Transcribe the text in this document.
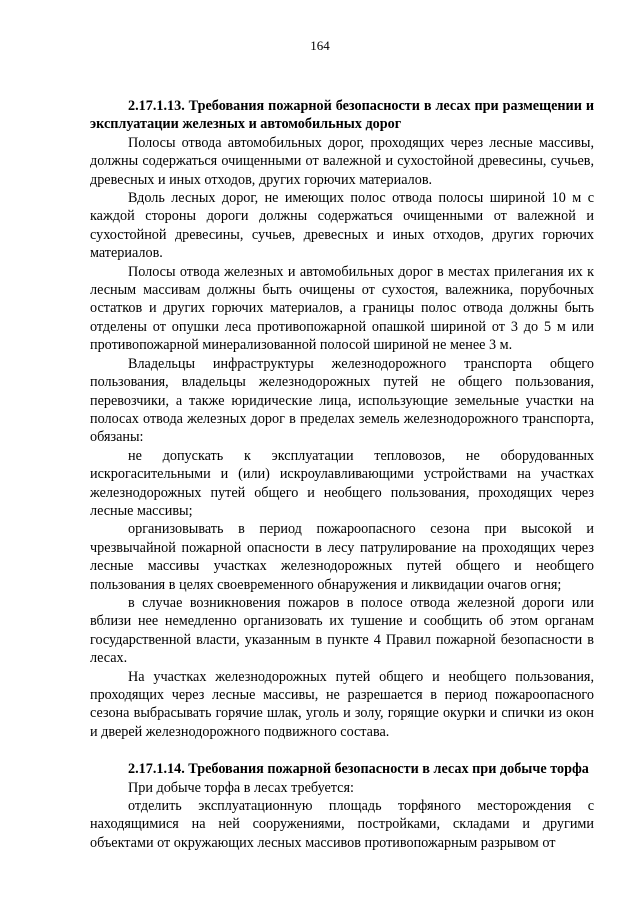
164

2.17.1.13. Требования пожарной безопасности в лесах при размещении и эксплуатации железных и автомобильных дорог

Полосы отвода автомобильных дорог, проходящих через лесные массивы, должны содержаться очищенными от валежной и сухостойной древесины, сучьев, древесных и иных отходов, других горючих материалов.

Вдоль лесных дорог, не имеющих полос отвода полосы шириной 10 м с каждой стороны дороги должны содержаться очищенными от валежной и сухостойной древесины, сучьев, древесных и иных отходов, других горючих материалов.

Полосы отвода железных и автомобильных дорог в местах прилегания их к лесным массивам должны быть очищены от сухостоя, валежника, порубочных остатков и других горючих материалов, а границы полос отвода должны быть отделены от опушки леса противопожарной опашкой шириной от 3 до 5 м или противопожарной минерализованной полосой шириной не менее 3 м.

Владельцы инфраструктуры железнодорожного транспорта общего пользования, владельцы железнодорожных путей не общего пользования, перевозчики, а также юридические лица, использующие земельные участки на полосах отвода железных дорог в пределах земель железнодорожного транспорта, обязаны:

не допускать к эксплуатации тепловозов, не оборудованных искрогасительными и (или) искроулавливающими устройствами на участках железнодорожных путей общего и необщего пользования, проходящих через лесные массивы;

организовывать в период пожароопасного сезона при высокой и чрезвычайной пожарной опасности в лесу патрулирование на проходящих через лесные массивы участках железнодорожных путей общего и необщего пользования в целях своевременного обнаружения и ликвидации очагов огня;

в случае возникновения пожаров в полосе отвода железной дороги или вблизи нее немедленно организовать их тушение и сообщить об этом органам государственной власти, указанным в пункте 4 Правил пожарной безопасности в лесах.

На участках железнодорожных путей общего и необщего пользования, проходящих через лесные массивы, не разрешается в период пожароопасного сезона выбрасывать горячие шлак, уголь и золу, горящие окурки и спички из окон и дверей железнодорожного подвижного состава.

2.17.1.14. Требования пожарной безопасности в лесах при добыче торфа

При добыче торфа в лесах требуется:

отделить эксплуатационную площадь торфяного месторождения с находящимися на ней сооружениями, постройками, складами и другими объектами от окружающих лесных массивов противопожарным разрывом от
